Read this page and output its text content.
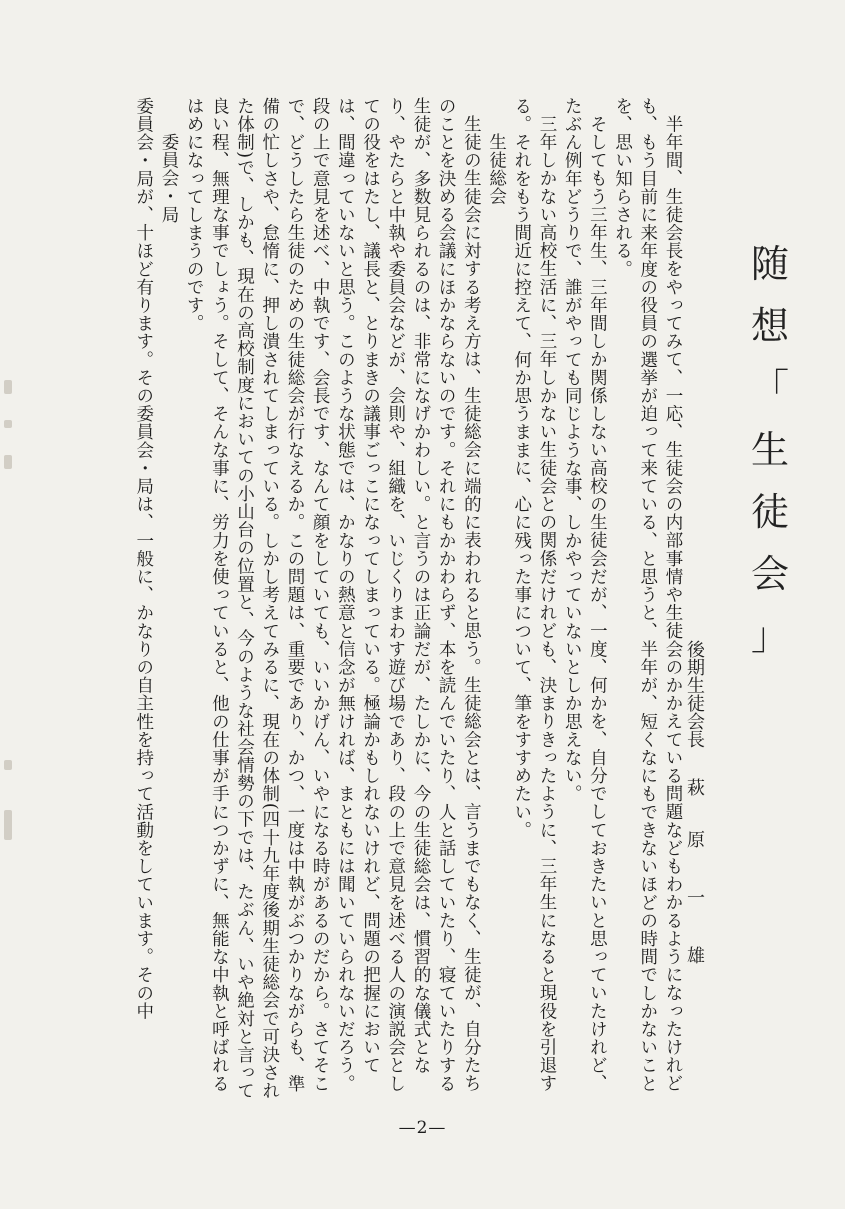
随
想
「
生
徒
会
」
後期生徒会長萩原一雄

半年間、生徒会長をやってみて、一応、生徒会の内部事情や生徒会のかかえている問題などもわかるようになったけれども、もう目前に来年度の役員の選挙が迫って来ている、と思うと、半年が、短くなにもできないほどの時間でしかないことを、思い知らされる。

そしてもう三年生、三年間しか関係しない高校の生徒会だが、一度、何かを、自分でしておきたいと思っていたけれど、たぶん例年どうりで、誰がやっても同じような事、しかやっていないとしか思えない。

三年しかない高校生活に、三年しかない生徒会との関係だけれども、決まりきったように、三年生になると現役を引退する。それをもう間近に控えて、何か思うままに、心に残った事について、筆をすすめたい。

生徒総会

生徒の生徒会に対する考え方は、生徒総会に端的に表われると思う。生徒総会とは、言うまでもなく、生徒が、自分たちのことを決める会議にほかならないのです。それにもかかわらず、本を読んでいたり、人と話していたり、寝ていたりする生徒が、多数見られるのは、非常になげかわしい。と言うのは正論だが、たしかに、今の生徒総会は、慣習的な儀式となり、やたらと中執や委員会などが、会則や、組織を、いじくりまわす遊び場であり、段の上で意見を述べる人の演説会としての役をはたし、議長と、とりまきの議事ごっこになってしまっている。極論かもしれないけれど、問題の把握においては、間違っていないと思う。このような状態では、かなりの熱意と信念が無ければ、まともには聞いていられないだろう。段の上で意見を述べ、中執です、会長です、なんて顔をしていても、いいかげん、いやになる時があるのだから。さてそこで、どうしたら生徒のための生徒総会が行なえるか。この問題は、重要であり、かつ、一度は中執がぶつかりながらも、準備の忙しさや、怠惰に、押し潰されてしまっている。しかし考えてみるに、現在の体制(四十九年度後期生徒総会で可決された体制)で、しかも、現在の高校制度においての小山台の位置と、今のような社会情勢の下では、たぶん、いや絶対と言って良い程、無理な事でしょう。そして、そんな事に、労力を使っていると、他の仕事が手につかずに、無能な中執と呼ばれるはめになってしまうのです。

委員会・局

委員会・局が、十ほど有ります。その委員会・局は、一般に、かなりの自主性を持って活動をしています。その中

—2—
